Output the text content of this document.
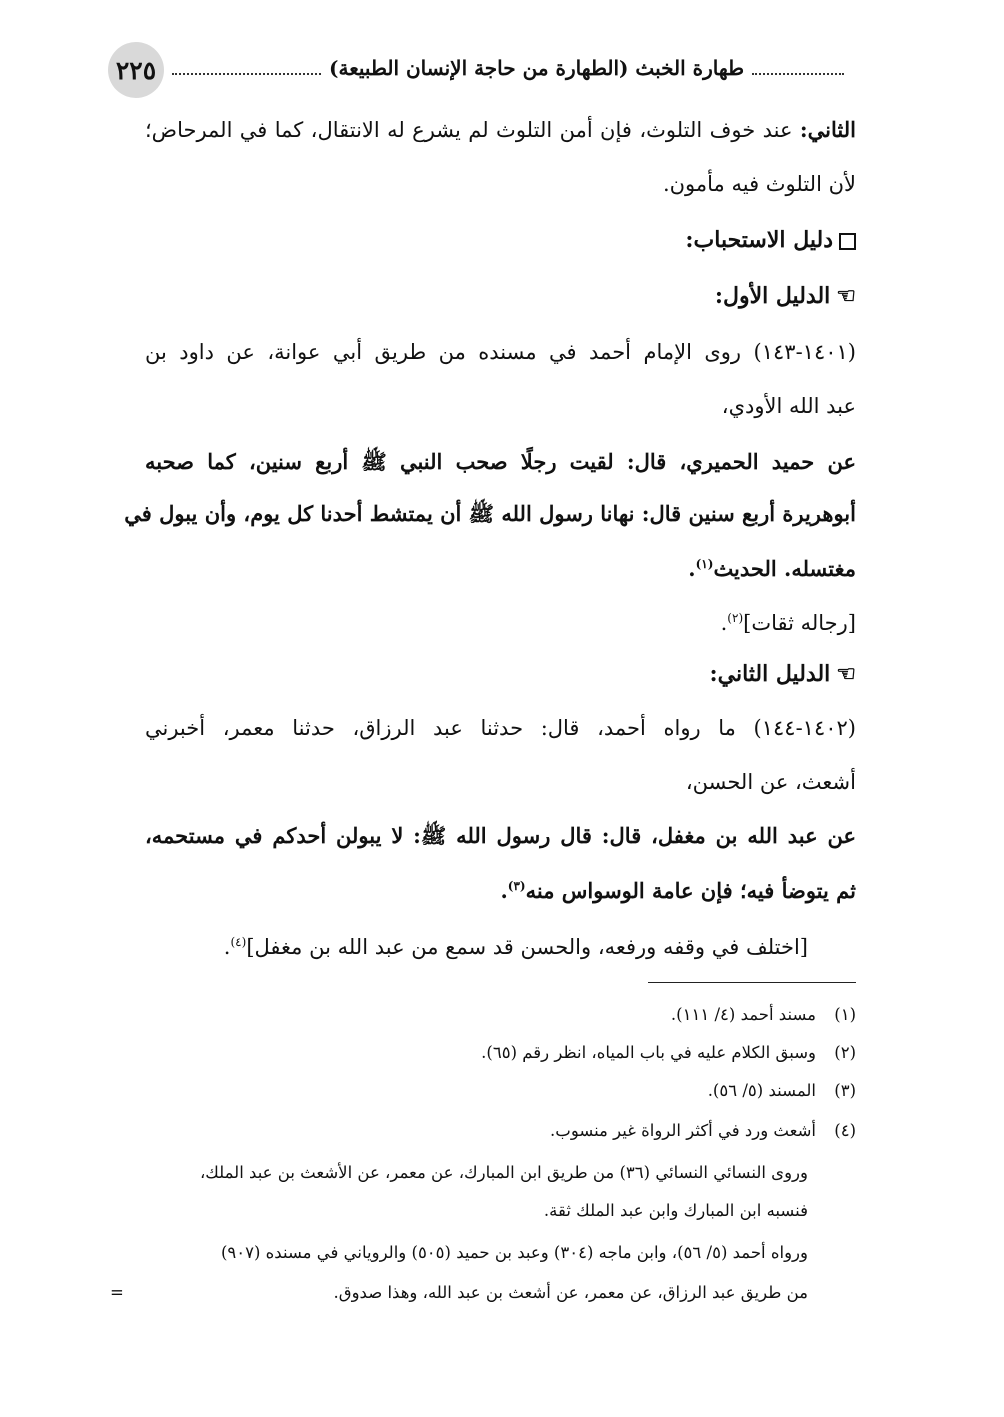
٢٢٥	طهارة الخبث (الطهارة من حاجة الإنسان الطبيعة)
الثاني: عند خوف التلوث، فإن أمن التلوث لم يشرع له الانتقال، كما في المرحاض؛
لأن التلوث فيه مأمون.
دليل الاستحباب:
☜الدليل الأول:
(١٤٠١-١٤٣) روى الإمام أحمد في مسنده من طريق أبي عوانة، عن داود بن
عبد الله الأودي،
عن حميد الحميري، قال: لقيت رجلًا صحب النبي ﷺ أربع سنين، كما صحبه
أبوهريرة أربع سنين قال: نهانا رسول الله ﷺ أن يمتشط أحدنا كل يوم، وأن يبول في
مغتسله. الحديث$^{(١)}$.
[رجاله ثقات]$^{(٢)}$.
☜الدليل الثاني:
(١٤٠٢-١٤٤) ما رواه أحمد، قال: حدثنا عبد الرزاق، حدثنا معمر، أخبرني
أشعث، عن الحسن،
عن عبد الله بن مغفل، قال: قال رسول الله ﷺ: لا يبولن أحدكم في مستحمه،
ثم يتوضأ فيه؛ فإن عامة الوسواس منه$^{(٣)}$.
[اختلف في وقفه ورفعه، والحسن قد سمع من عبد الله بن مغفل]$^{(٤)}$.
(١)مسند أحمد (٤/ ١١١).
(٢)وسبق الكلام عليه في باب المياه، انظر رقم (٦٥).
(٣)المسند (٥/ ٥٦).
(٤)أشعث ورد في أكثر الرواة غير منسوب.
وروى النسائي النسائي (٣٦) من طريق ابن المبارك، عن معمر، عن الأشعث بن عبد الملك،
فنسبه ابن المبارك وابن عبد الملك ثقة.
ورواه أحمد (٥/ ٥٦)، وابن ماجه (٣٠٤) وعبد بن حميد (٥٠٥) والروياني في مسنده (٩٠٧)
من طريق عبد الرزاق، عن معمر، عن أشعث بن عبد الله، وهذا صدوق.
=
